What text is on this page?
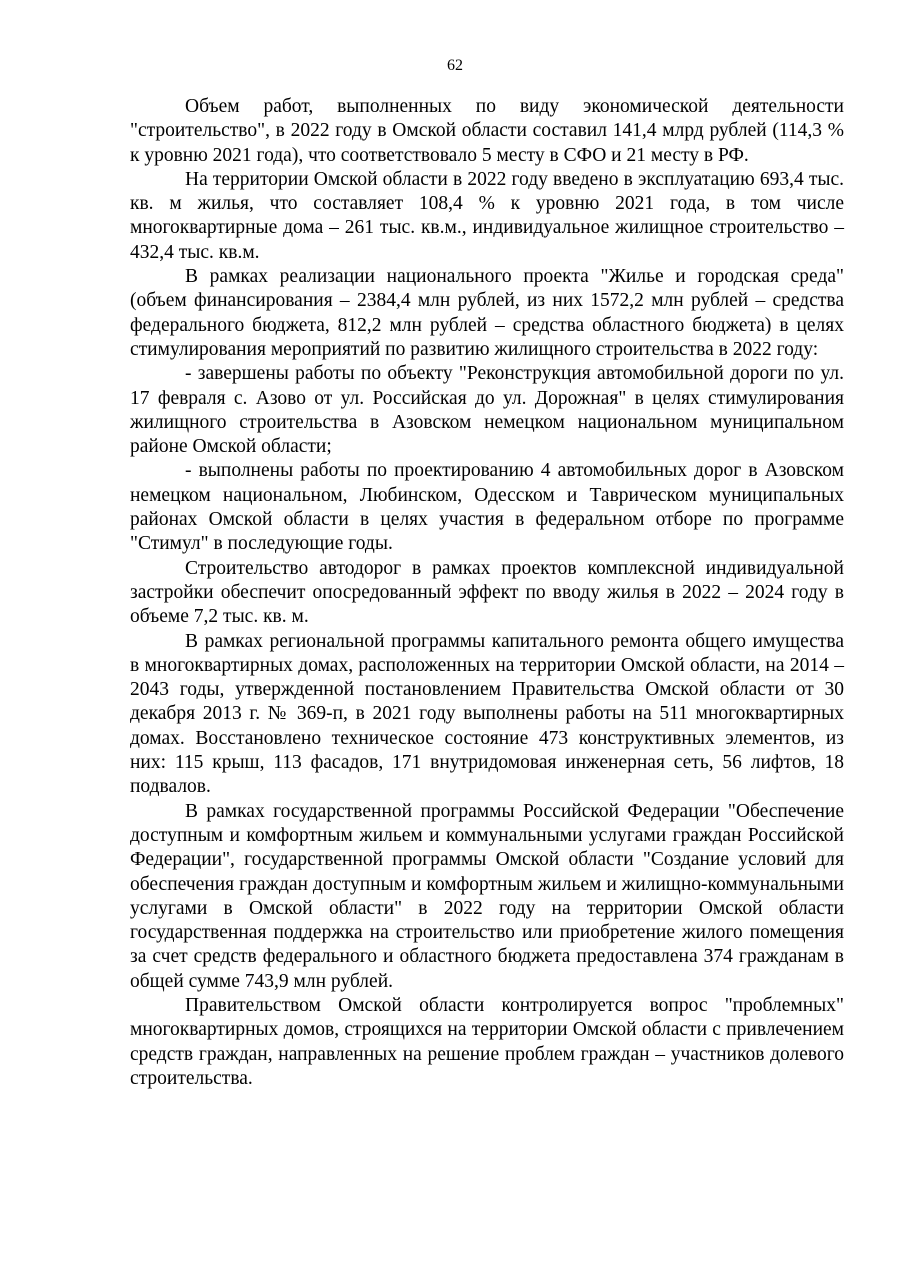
62

Объем работ, выполненных по виду экономической деятельности "строительство", в 2022 году в Омской области составил 141,4 млрд рублей (114,3 % к уровню 2021 года), что соответствовало 5 месту в СФО и 21 месту в РФ.

На территории Омской области в 2022 году введено в эксплуатацию 693,4 тыс. кв. м жилья, что составляет 108,4 % к уровню 2021 года, в том числе многоквартирные дома – 261 тыс. кв.м., индивидуальное жилищное строительство – 432,4 тыс. кв.м.

В рамках реализации национального проекта "Жилье и городская среда" (объем финансирования – 2384,4 млн рублей, из них 1572,2 млн рублей – средства федерального бюджета, 812,2 млн рублей – средства областного бюджета) в целях стимулирования мероприятий по развитию жилищного строительства в 2022 году:

- завершены работы по объекту "Реконструкция автомобильной дороги по ул. 17 февраля с. Азово от ул. Российская до ул. Дорожная" в целях стимулирования жилищного строительства в Азовском немецком национальном муниципальном районе Омской области;

- выполнены работы по проектированию 4 автомобильных дорог в Азовском немецком национальном, Любинском, Одесском и Таврическом муниципальных районах Омской области в целях участия в федеральном отборе по программе "Стимул" в последующие годы.

Строительство автодорог в рамках проектов комплексной индивидуальной застройки обеспечит опосредованный эффект по вводу жилья в 2022 – 2024 году в объеме 7,2 тыс. кв. м.

В рамках региональной программы капитального ремонта общего имущества в многоквартирных домах, расположенных на территории Омской области, на 2014 – 2043 годы, утвержденной постановлением Правительства Омской области от 30 декабря 2013 г. № 369-п, в 2021 году выполнены работы на 511 многоквартирных домах. Восстановлено техническое состояние 473 конструктивных элементов, из них: 115 крыш, 113 фасадов, 171 внутридомовая инженерная сеть, 56 лифтов, 18 подвалов.

В рамках государственной программы Российской Федерации "Обеспечение доступным и комфортным жильем и коммунальными услугами граждан Российской Федерации", государственной программы Омской области "Создание условий для обеспечения граждан доступным и комфортным жильем и жилищно-коммунальными услугами в Омской области" в 2022 году на территории Омской области государственная поддержка на строительство или приобретение жилого помещения за счет средств федерального и областного бюджета предоставлена 374 гражданам в общей сумме 743,9 млн рублей.

Правительством Омской области контролируется вопрос "проблемных" многоквартирных домов, строящихся на территории Омской области с привлечением средств граждан, направленных на решение проблем граждан – участников долевого строительства.
